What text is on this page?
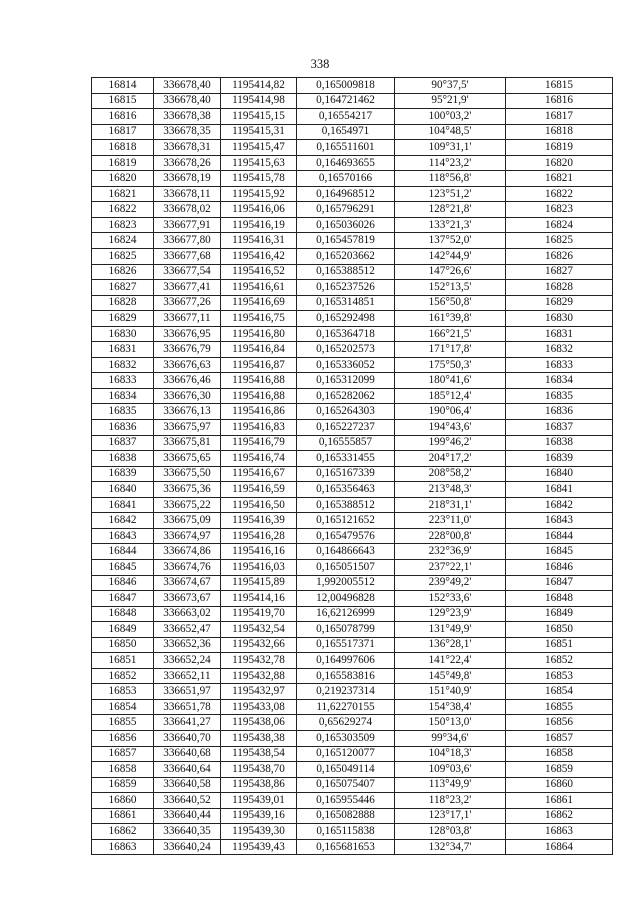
338
16814	336678,40	1195414,82	0,165009818	90°37,5'	16815
16815	336678,40	1195414,98	0,164721462	95°21,9'	16816
16816	336678,38	1195415,15	0,16554217	100°03,2'	16817
16817	336678,35	1195415,31	0,1654971	104°48,5'	16818
16818	336678,31	1195415,47	0,165511601	109°31,1'	16819
16819	336678,26	1195415,63	0,164693655	114°23,2'	16820
16820	336678,19	1195415,78	0,16570166	118°56,8'	16821
16821	336678,11	1195415,92	0,164968512	123°51,2'	16822
16822	336678,02	1195416,06	0,165796291	128°21,8'	16823
16823	336677,91	1195416,19	0,165036026	133°21,3'	16824
16824	336677,80	1195416,31	0,165457819	137°52,0'	16825
16825	336677,68	1195416,42	0,165203662	142°44,9'	16826
16826	336677,54	1195416,52	0,165388512	147°26,6'	16827
16827	336677,41	1195416,61	0,165237526	152°13,5'	16828
16828	336677,26	1195416,69	0,165314851	156°50,8'	16829
16829	336677,11	1195416,75	0,165292498	161°39,8'	16830
16830	336676,95	1195416,80	0,165364718	166°21,5'	16831
16831	336676,79	1195416,84	0,165202573	171°17,8'	16832
16832	336676,63	1195416,87	0,165336052	175°50,3'	16833
16833	336676,46	1195416,88	0,165312099	180°41,6'	16834
16834	336676,30	1195416,88	0,165282062	185°12,4'	16835
16835	336676,13	1195416,86	0,165264303	190°06,4'	16836
16836	336675,97	1195416,83	0,165227237	194°43,6'	16837
16837	336675,81	1195416,79	0,16555857	199°46,2'	16838
16838	336675,65	1195416,74	0,165331455	204°17,2'	16839
16839	336675,50	1195416,67	0,165167339	208°58,2'	16840
16840	336675,36	1195416,59	0,165356463	213°48,3'	16841
16841	336675,22	1195416,50	0,165388512	218°31,1'	16842
16842	336675,09	1195416,39	0,165121652	223°11,0'	16843
16843	336674,97	1195416,28	0,165479576	228°00,8'	16844
16844	336674,86	1195416,16	0,164866643	232°36,9'	16845
16845	336674,76	1195416,03	0,165051507	237°22,1'	16846
16846	336674,67	1195415,89	1,992005512	239°49,2'	16847
16847	336673,67	1195414,16	12,00496828	152°33,6'	16848
16848	336663,02	1195419,70	16,62126999	129°23,9'	16849
16849	336652,47	1195432,54	0,165078799	131°49,9'	16850
16850	336652,36	1195432,66	0,165517371	136°28,1'	16851
16851	336652,24	1195432,78	0,164997606	141°22,4'	16852
16852	336652,11	1195432,88	0,165583816	145°49,8'	16853
16853	336651,97	1195432,97	0,219237314	151°40,9'	16854
16854	336651,78	1195433,08	11,62270155	154°38,4'	16855
16855	336641,27	1195438,06	0,65629274	150°13,0'	16856
16856	336640,70	1195438,38	0,165303509	99°34,6'	16857
16857	336640,68	1195438,54	0,165120077	104°18,3'	16858
16858	336640,64	1195438,70	0,165049114	109°03,6'	16859
16859	336640,58	1195438,86	0,165075407	113°49,9'	16860
16860	336640,52	1195439,01	0,165955446	118°23,2'	16861
16861	336640,44	1195439,16	0,165082888	123°17,1'	16862
16862	336640,35	1195439,30	0,165115838	128°03,8'	16863
16863	336640,24	1195439,43	0,165681653	132°34,7'	16864
